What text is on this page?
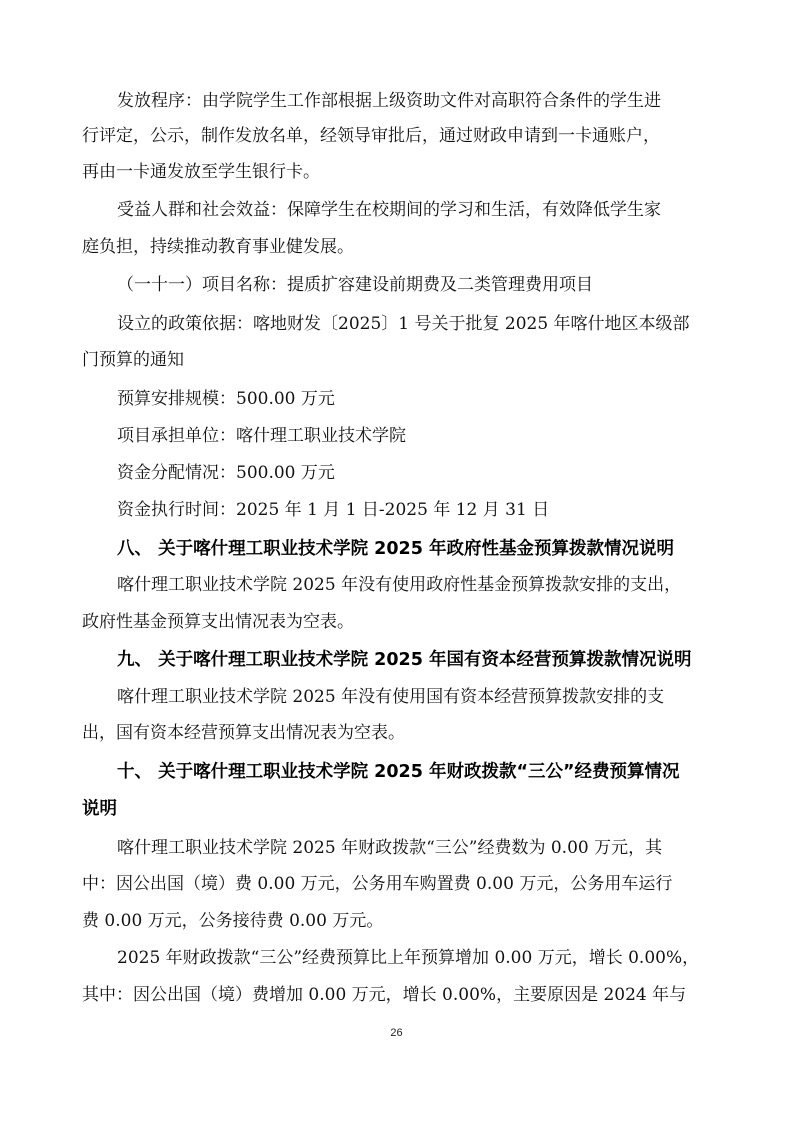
发放程序：由学院学生工作部根据上级资助文件对高职符合条件的学生进

行评定，公示，制作发放名单，经领导审批后，通过财政申请到一卡通账户，

再由一卡通发放至学生银行卡。

受益人群和社会效益：保障学生在校期间的学习和生活，有效降低学生家

庭负担，持续推动教育事业健发展。

（一十一）项目名称：提质扩容建设前期费及二类管理费用项目

设立的政策依据：喀地财发〔2025〕1 号关于批复 2025 年喀什地区本级部

门预算的通知

预算安排规模：500.00 万元

项目承担单位：喀什理工职业技术学院

资金分配情况：500.00 万元

资金执行时间：2025 年 1 月 1 日-2025 年 12 月 31 日

八、 关于喀什理工职业技术学院 2025 年政府性基金预算拨款情况说明

喀什理工职业技术学院 2025 年没有使用政府性基金预算拨款安排的支出，

政府性基金预算支出情况表为空表。

九、 关于喀什理工职业技术学院 2025 年国有资本经营预算拨款情况说明

喀什理工职业技术学院 2025 年没有使用国有资本经营预算拨款安排的支

出，国有资本经营预算支出情况表为空表。

十、 关于喀什理工职业技术学院 2025 年财政拨款“三公”经费预算情况

说明

喀什理工职业技术学院 2025 年财政拨款“三公”经费数为 0.00 万元，其

中：因公出国（境）费 0.00 万元，公务用车购置费 0.00 万元，公务用车运行

费 0.00 万元，公务接待费 0.00 万元。

2025 年财政拨款“三公”经费预算比上年预算增加 0.00 万元，增长 0.00%，

其中：因公出国（境）费增加 0.00 万元，增长 0.00%，主要原因是 2024 年与

26
